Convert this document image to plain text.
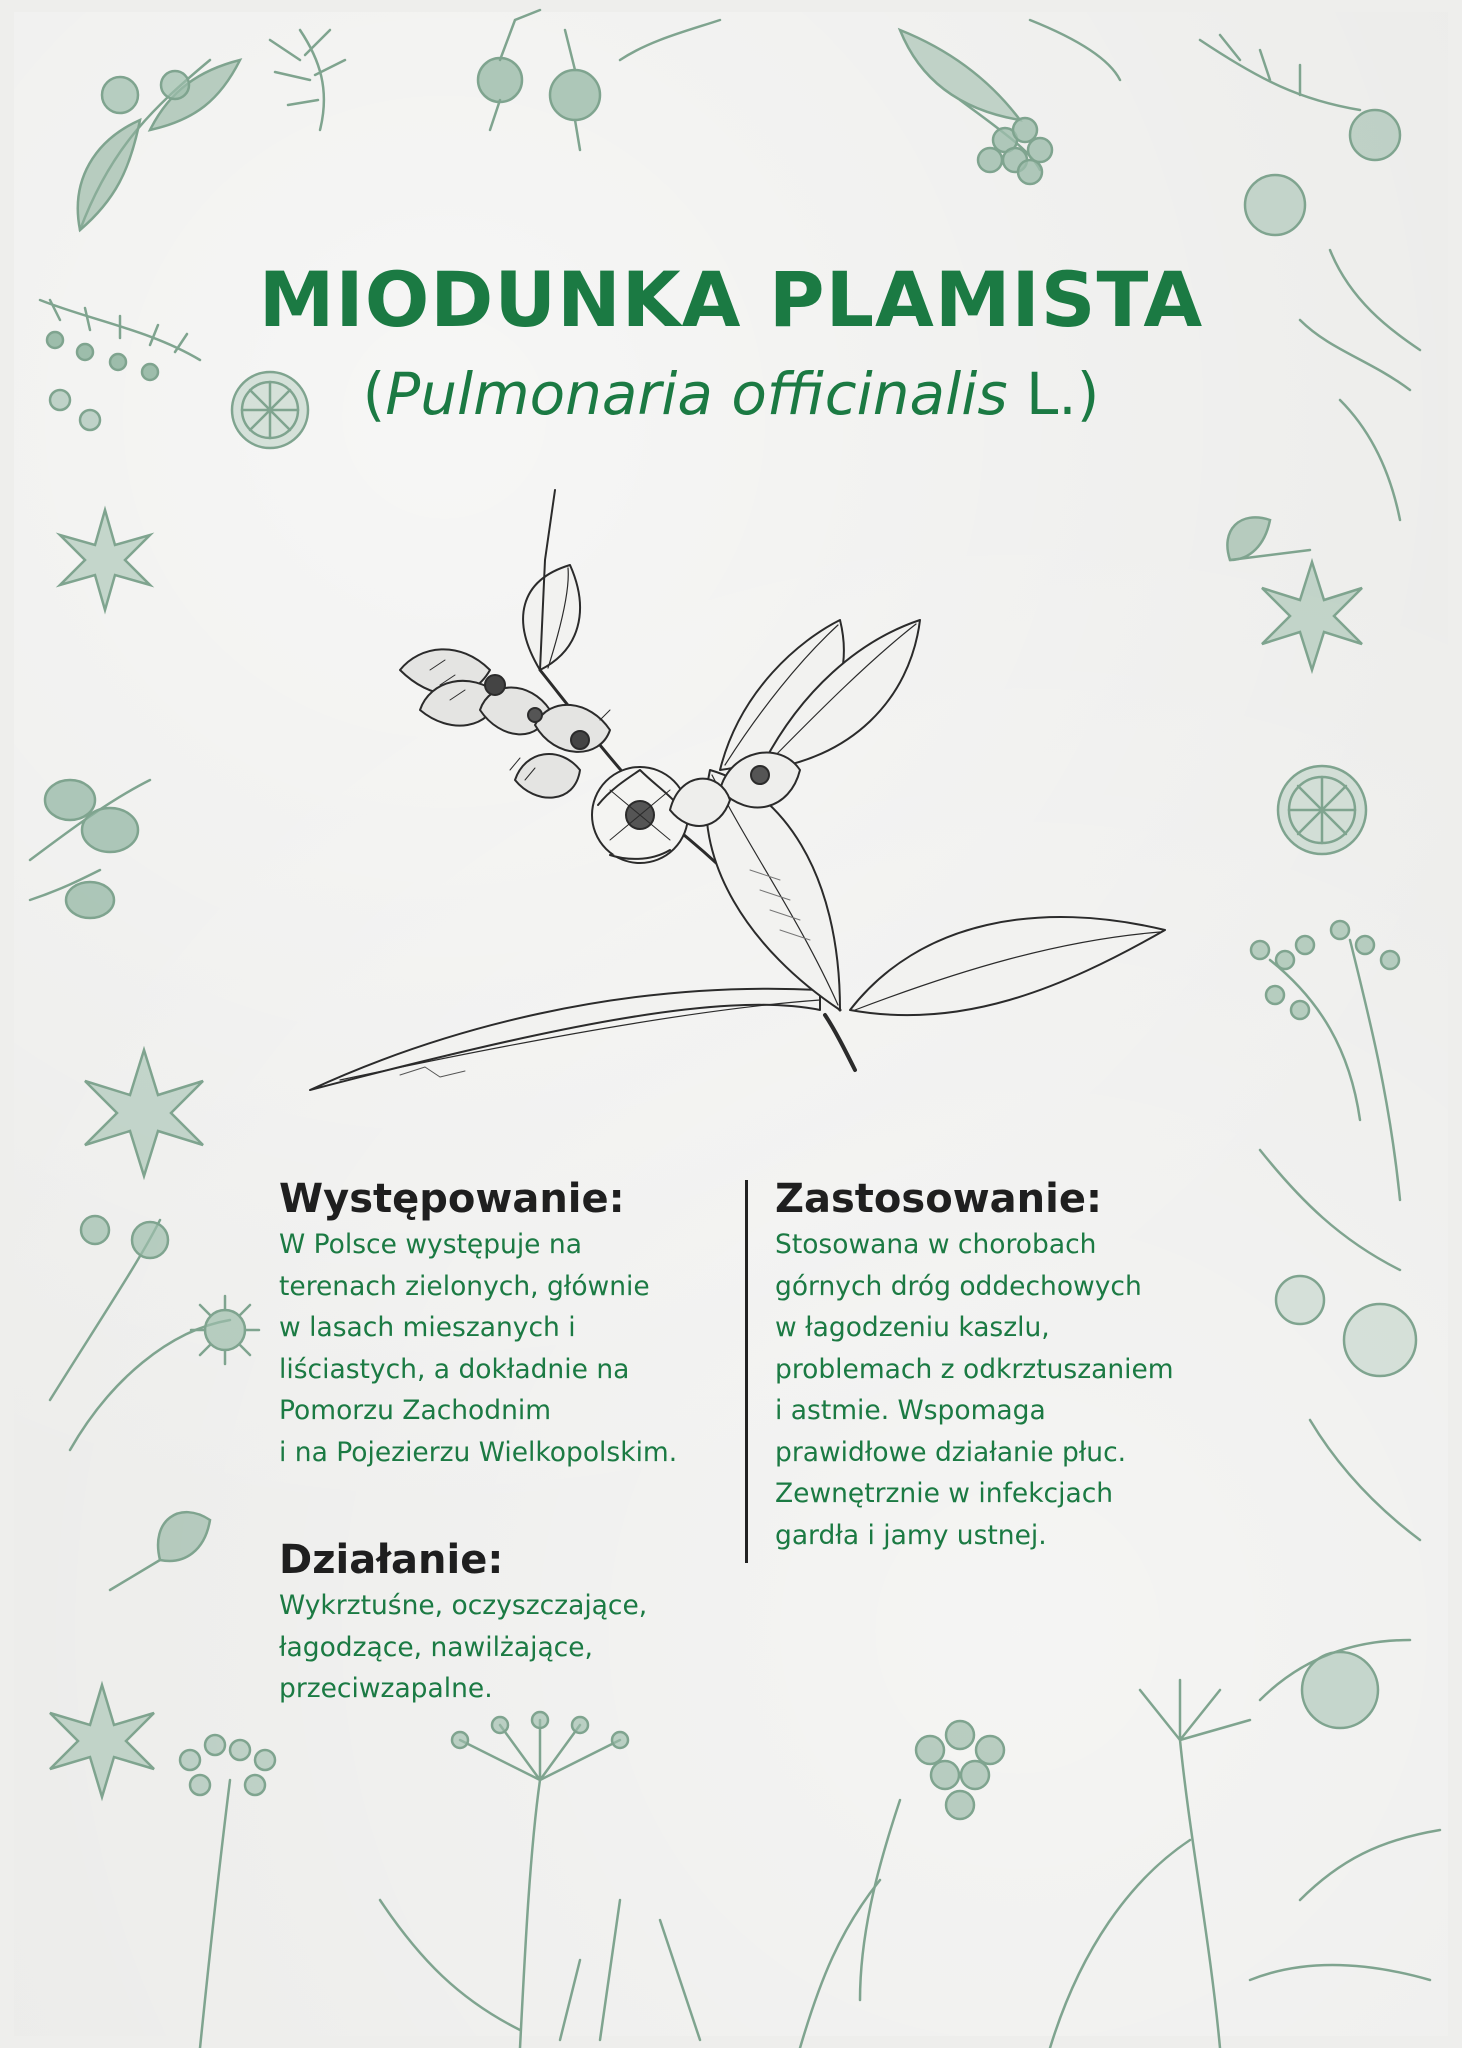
MIODUNKA PLAMISTA
(Pulmonaria officinalis L.)
Występowanie:

W Polsce występuje na
terenach zielonych, głównie
w lasach mieszanych i
liściastych, a dokładnie na
Pomorzu Zachodnim
i na Pojezierzu Wielkopolskim.

Działanie:

Wykrztuśne, oczyszczające,
łagodzące, nawilżające,
przeciwzapalne.

Zastosowanie:

Stosowana w chorobach
górnych dróg oddechowych
w łagodzeniu kaszlu,
problemach z odkrztuszaniem
i astmie. Wspomaga
prawidłowe działanie płuc.
Zewnętrznie w infekcjach
gardła i jamy ustnej.
